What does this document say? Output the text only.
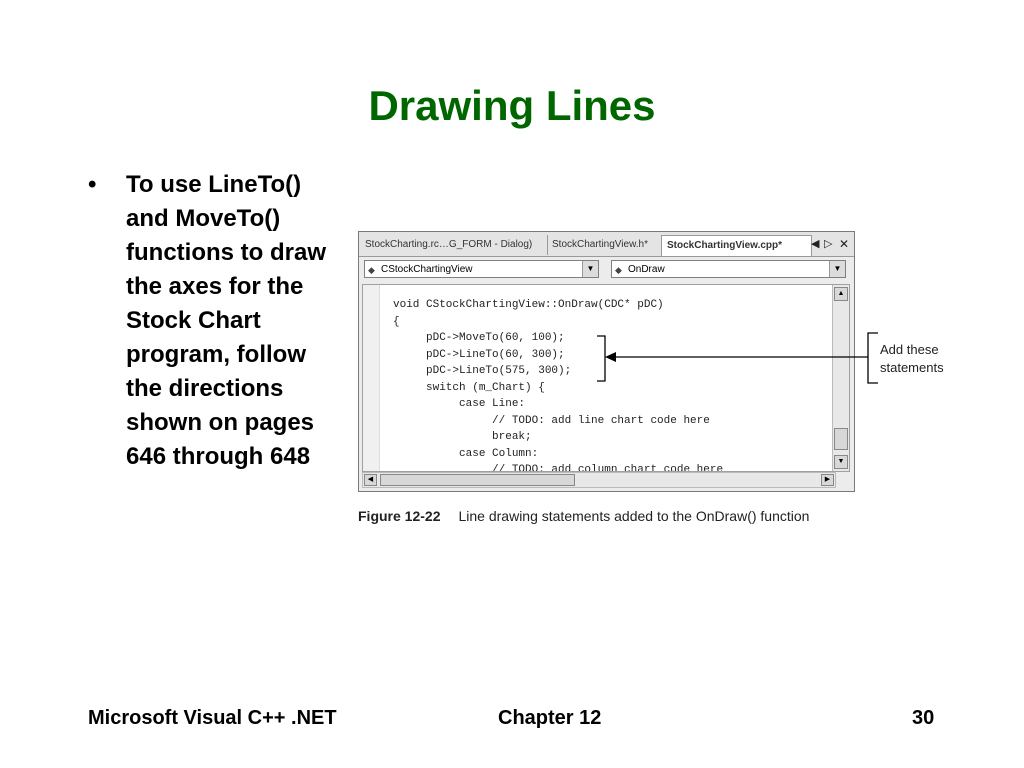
Drawing Lines
• To use LineTo() and MoveTo() functions to draw the axes for the Stock Chart program, follow the directions shown on pages 646 through 648
StockCharting.rc…G_FORM - Dialog)	StockChartingView.h*	StockChartingView.cpp*	◀ ▷ ✕
◆ CStockChartingView	▼	◆ OnDraw	▼
void CStockChartingView::OnDraw(CDC* pDC)
{
pDC->MoveTo(60, 100);
pDC->LineTo(60, 300);
pDC->LineTo(575, 300);
switch (m_Chart) {
case Line:
// TODO: add line chart code here
break;
case Column:
// TODO: add column chart code here
▲
▼
◀	▶
Add these
statements
Figure 12-22 Line drawing statements added to the OnDraw() function
Microsoft Visual C++ .NET	Chapter 12	30
